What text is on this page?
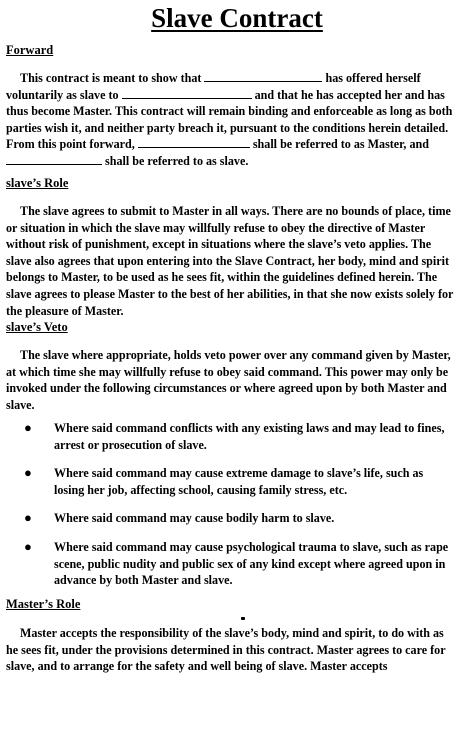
Slave Contract
Forward
This contract is meant to show that	has offered herself voluntarily as slave to	and that he has accepted her and has thus become Master. This contract will remain binding and enforceable as long as both parties wish it, and neither party breach it, pursuant to the conditions herein detailed. From this point forward,	shall be referred to as Master, and  shall be referred to as slave.
slave’s Role
The slave agrees to submit to Master in all ways. There are no bounds of place, time or situation in which the slave may willfully refuse to obey the directive of Master without risk of punishment, except in situations where the slave’s veto applies. The slave also agrees that upon entering into the Slave Contract, her body, mind and spirit belongs to Master, to be used as he sees fit, within the guidelines defined herein. The slave agrees to please Master to the best of her abilities, in that she now exists solely for the pleasure of Master.
slave’s Veto
The slave where appropriate, holds veto power over any command given by Master, at which time she may willfully refuse to obey said command. This power may only be invoked under the following circumstances or where agreed upon by both Master and slave.
● Where said command conflicts with any existing laws and may lead to fines, arrest or prosecution of slave.
● Where said command may cause extreme damage to slave’s life, such as losing her job, affecting school, causing family stress, etc.
● Where said command may cause bodily harm to slave.
● Where said command may cause psychological trauma to slave, such as rape scene, public nudity and public sex of any kind except where agreed upon in advance by both Master and slave.
Master’s Role
Master accepts the responsibility of the slave’s body, mind and spirit, to do with as he sees fit, under the provisions determined in this contract. Master agrees to care for slave, and to arrange for the safety and well being of slave. Master accepts
